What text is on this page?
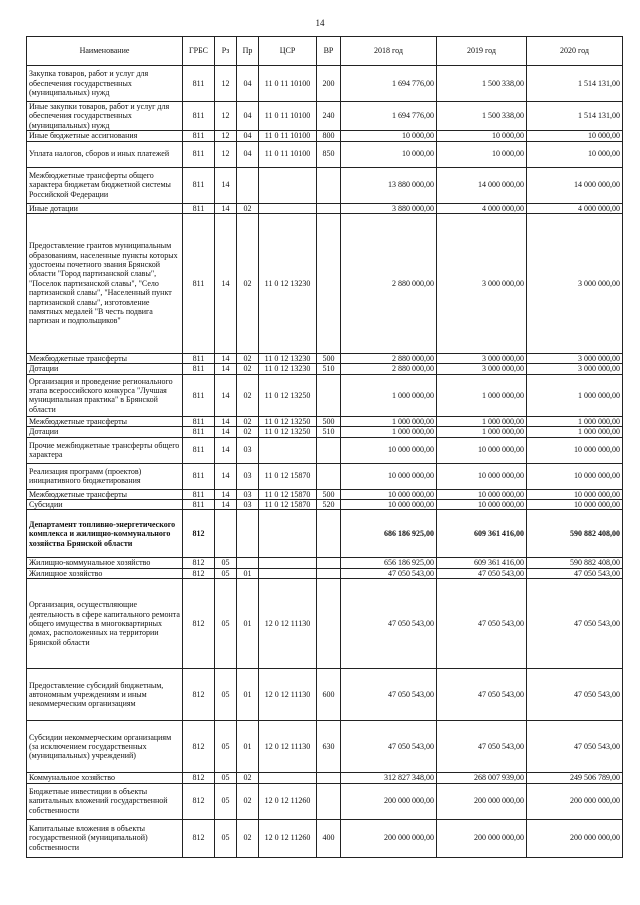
14
Наименование	ГРБС	Рз	Пр	ЦСР	ВР	2018 год	2019 год	2020 год
Закупка товаров, работ и услуг для обеспечения государственных (муниципальных) нужд	811	12	04	11 0 11 10100	200	1 694 776,00	1 500 338,00	1 514 131,00
Иные закупки товаров, работ и услуг для обеспечения государственных (муниципальных) нужд	811	12	04	11 0 11 10100	240	1 694 776,00	1 500 338,00	1 514 131,00
Иные бюджетные ассигнования	811	12	04	11 0 11 10100	800	10 000,00	10 000,00	10 000,00
Уплата налогов, сборов и иных платежей	811	12	04	11 0 11 10100	850	10 000,00	10 000,00	10 000,00
Межбюджетные трансферты общего характера бюджетам бюджетной системы Российской Федерации	811	14				13 880 000,00	14 000 000,00	14 000 000,00
Иные дотации	811	14	02			3 880 000,00	4 000 000,00	4 000 000,00
Предоставление грантов муниципальным образованиям, населенные пункты которых удостоены почетного звания Брянской области "Город партизанской славы", "Поселок партизанской славы", "Село партизанской славы", "Населенный пункт партизанской славы", изготовление памятных медалей "В честь подвига партизан и подпольщиков"	811	14	02	11 0 12 13230		2 880 000,00	3 000 000,00	3 000 000,00
Межбюджетные трансферты	811	14	02	11 0 12 13230	500	2 880 000,00	3 000 000,00	3 000 000,00
Дотации	811	14	02	11 0 12 13230	510	2 880 000,00	3 000 000,00	3 000 000,00
Организация и проведение регионального этапа всероссийского конкурса "Лучшая муниципальная практика" в Брянской области	811	14	02	11 0 12 13250		1 000 000,00	1 000 000,00	1 000 000,00
Межбюджетные трансферты	811	14	02	11 0 12 13250	500	1 000 000,00	1 000 000,00	1 000 000,00
Дотации	811	14	02	11 0 12 13250	510	1 000 000,00	1 000 000,00	1 000 000,00
Прочие межбюджетные трансферты общего характера	811	14	03			10 000 000,00	10 000 000,00	10 000 000,00
Реализация программ (проектов) инициативного бюджетирования	811	14	03	11 0 12 15870		10 000 000,00	10 000 000,00	10 000 000,00
Межбюджетные трансферты	811	14	03	11 0 12 15870	500	10 000 000,00	10 000 000,00	10 000 000,00
Субсидии	811	14	03	11 0 12 15870	520	10 000 000,00	10 000 000,00	10 000 000,00
Департамент топливно-энергетического комплекса и жилищно-коммунального хозяйства Брянской области	812					686 186 925,00	609 361 416,00	590 882 408,00
Жилищно-коммунальное хозяйство	812	05				656 186 925,00	609 361 416,00	590 882 408,00
Жилищное хозяйство	812	05	01			47 050 543,00	47 050 543,00	47 050 543,00
Организация, осуществляющие деятельность в сфере капитального ремонта общего имущества в многоквартирных домах, расположенных на территории Брянской области	812	05	01	12 0 12 11130		47 050 543,00	47 050 543,00	47 050 543,00
Предоставление субсидий бюджетным, автономным учреждениям и иным некоммерческим организациям	812	05	01	12 0 12 11130	600	47 050 543,00	47 050 543,00	47 050 543,00
Субсидии некоммерческим организациям (за исключением государственных (муниципальных) учреждений)	812	05	01	12 0 12 11130	630	47 050 543,00	47 050 543,00	47 050 543,00
Коммунальное хозяйство	812	05	02			312 827 348,00	268 007 939,00	249 506 789,00
Бюджетные инвестиции в объекты капитальных вложений государственной собственности	812	05	02	12 0 12 11260		200 000 000,00	200 000 000,00	200 000 000,00
Капитальные вложения в объекты государственной (муниципальной) собственности	812	05	02	12 0 12 11260	400	200 000 000,00	200 000 000,00	200 000 000,00
